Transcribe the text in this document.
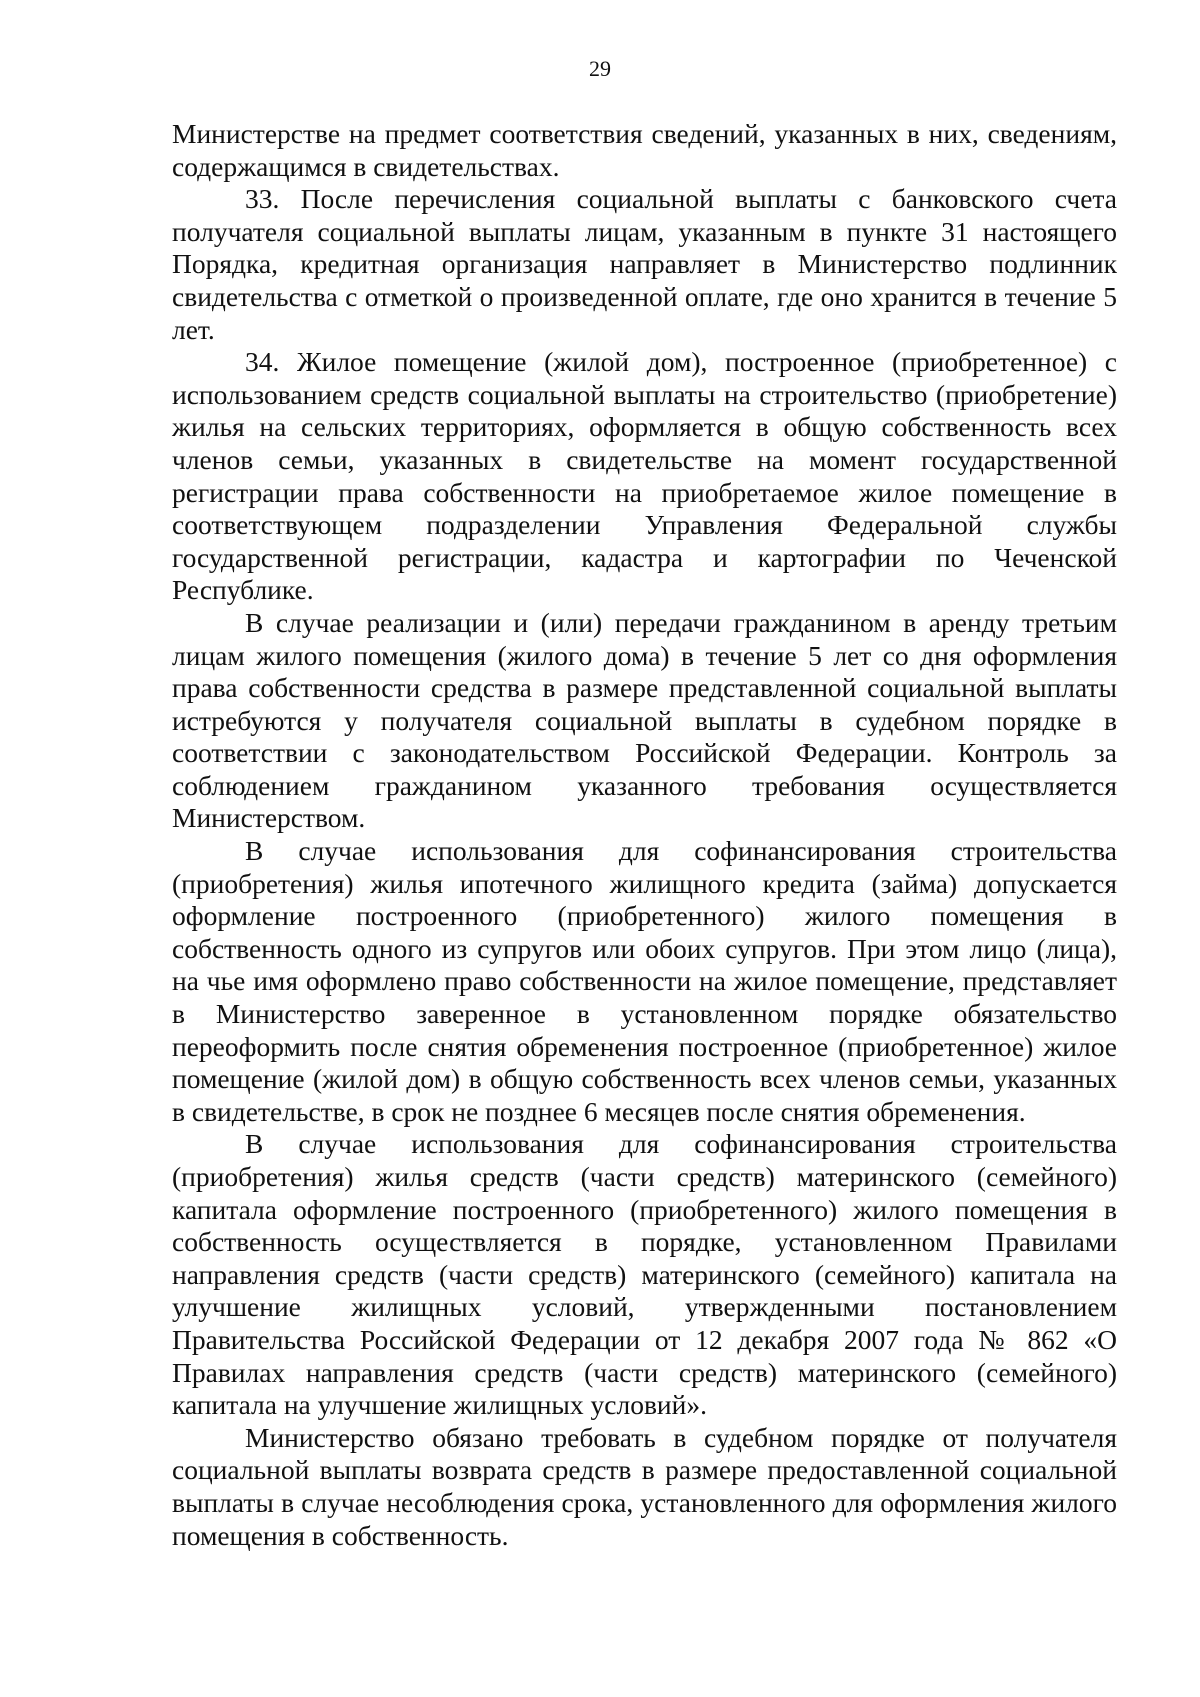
29

Министерстве на предмет соответствия сведений, указанных в них, сведениям, содержащимся в свидетельствах.

33. После перечисления социальной выплаты с банковского счета получателя социальной выплаты лицам, указанным в пункте 31 настоящего Порядка, кредитная организация направляет в Министерство подлинник свидетельства с отметкой о произведенной оплате, где оно хранится в течение 5 лет.

34. Жилое помещение (жилой дом), построенное (приобретенное) с использованием средств социальной выплаты на строительство (приобретение) жилья на сельских территориях, оформляется в общую собственность всех членов семьи, указанных в свидетельстве на момент государственной регистрации права собственности на приобретаемое жилое помещение в соответствующем подразделении Управления Федеральной службы государственной регистрации, кадастра и картографии по Чеченской Республике.

В случае реализации и (или) передачи гражданином в аренду третьим лицам жилого помещения (жилого дома) в течение 5 лет со дня оформления права собственности средства в размере представленной социальной выплаты истребуются у получателя социальной выплаты в судебном порядке в соответствии с законодательством Российской Федерации. Контроль за соблюдением гражданином указанного требования осуществляется Министерством.

В случае использования для софинансирования строительства (приобретения) жилья ипотечного жилищного кредита (займа) допускается оформление построенного (приобретенного) жилого помещения в собственность одного из супругов или обоих супругов. При этом лицо (лица), на чье имя оформлено право собственности на жилое помещение, представляет в Министерство заверенное в установленном порядке обязательство переоформить после снятия обременения построенное (приобретенное) жилое помещение (жилой дом) в общую собственность всех членов семьи, указанных в свидетельстве, в срок не позднее 6 месяцев после снятия обременения.

В случае использования для софинансирования строительства (приобретения) жилья средств (части средств) материнского (семейного) капитала оформление построенного (приобретенного) жилого помещения в собственность осуществляется в порядке, установленном Правилами направления средств (части средств) материнского (семейного) капитала на улучшение жилищных условий, утвержденными постановлением Правительства Российской Федерации от 12 декабря 2007 года № 862 «О Правилах направления средств (части средств) материнского (семейного) капитала на улучшение жилищных условий».

Министерство обязано требовать в судебном порядке от получателя социальной выплаты возврата средств в размере предоставленной социальной выплаты в случае несоблюдения срока, установленного для оформления жилого помещения в собственность.
